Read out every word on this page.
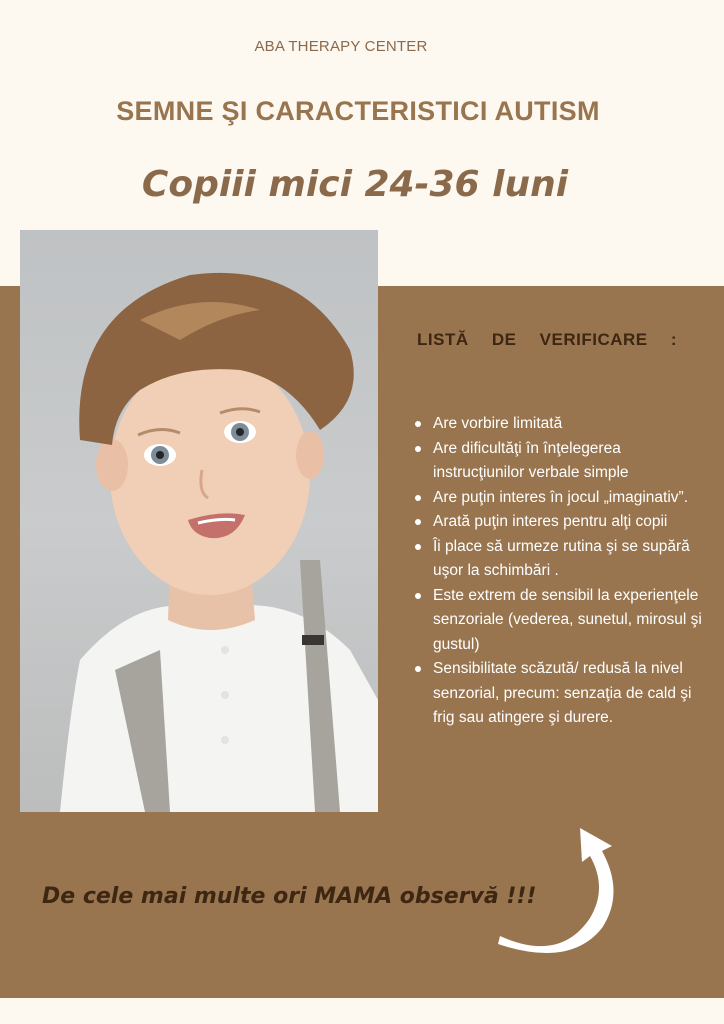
ABA THERAPY CENTER
SEMNE ŞI CARACTERISTICI AUTISM
Copiii mici 24-36 luni
LISTĂ DE VERIFICARE :
Are vorbire limitată
Are dificultăţi în înţelegerea instrucţiunilor verbale simple
Are puţin interes în jocul „imaginativ”.
Arată puţin interes pentru alţi copii
Îi place să urmeze rutina şi se supără uşor la schimbări .
Este extrem de sensibil la experienţele senzoriale (vederea, sunetul, mirosul şi gustul)
Sensibilitate scăzută/ redusă la nivel senzorial, precum: senzaţia de cald şi frig sau atingere şi durere.
De cele mai multe ori MAMA observă !!!
